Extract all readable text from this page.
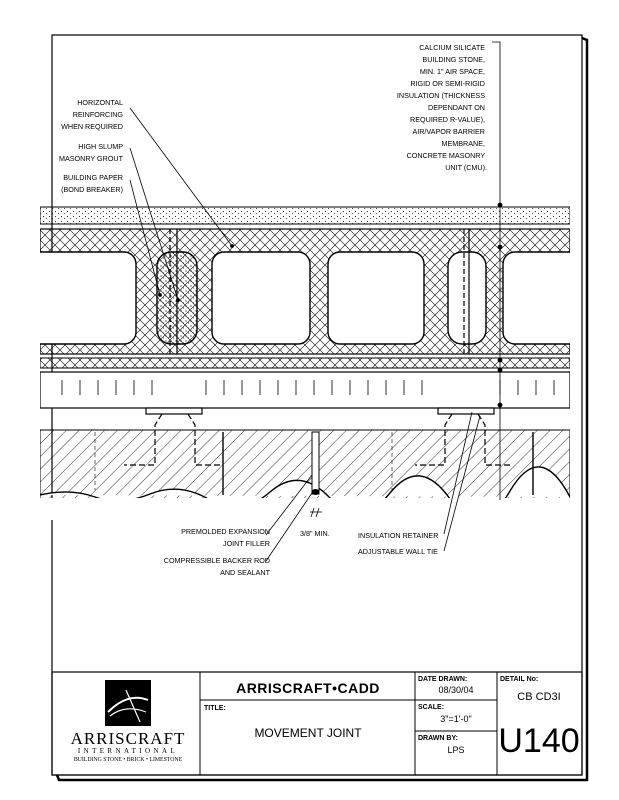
HORIZONTAL REINFORCING WHEN REQUIRED
HIGH SLUMP MASONRY GROUT
BUILDING PAPER (BOND BREAKER)
CALCIUM SILICATE BUILDING STONE, MIN. 1" AIR SPACE, RIGID OR SEMI-RIGID INSULATION (THICKNESS DEPENDANT ON REQUIRED R-VALUE), AIR/VAPOR BARRIER MEMBRANE, CONCRETE MASONRY UNIT (CMU).
PREMOLDED EXPANSION JOINT FILLER
COMPRESSIBLE BACKER ROD AND SEALANT
3/8" MIN.	INSULATION RETAINER
ADJUSTABLE WALL TIE
ARRISCRAFT
INTERNATIONAL
BUILDING STONE • BRICK • LIMESTONE
ARRISCRAFT•CADD
TITLE:
MOVEMENT JOINT
DATE DRAWN:
08/30/04
SCALE:
3"=1'-0"
DRAWN BY:
LPS
DETAIL No:
CB CD3I
U140
